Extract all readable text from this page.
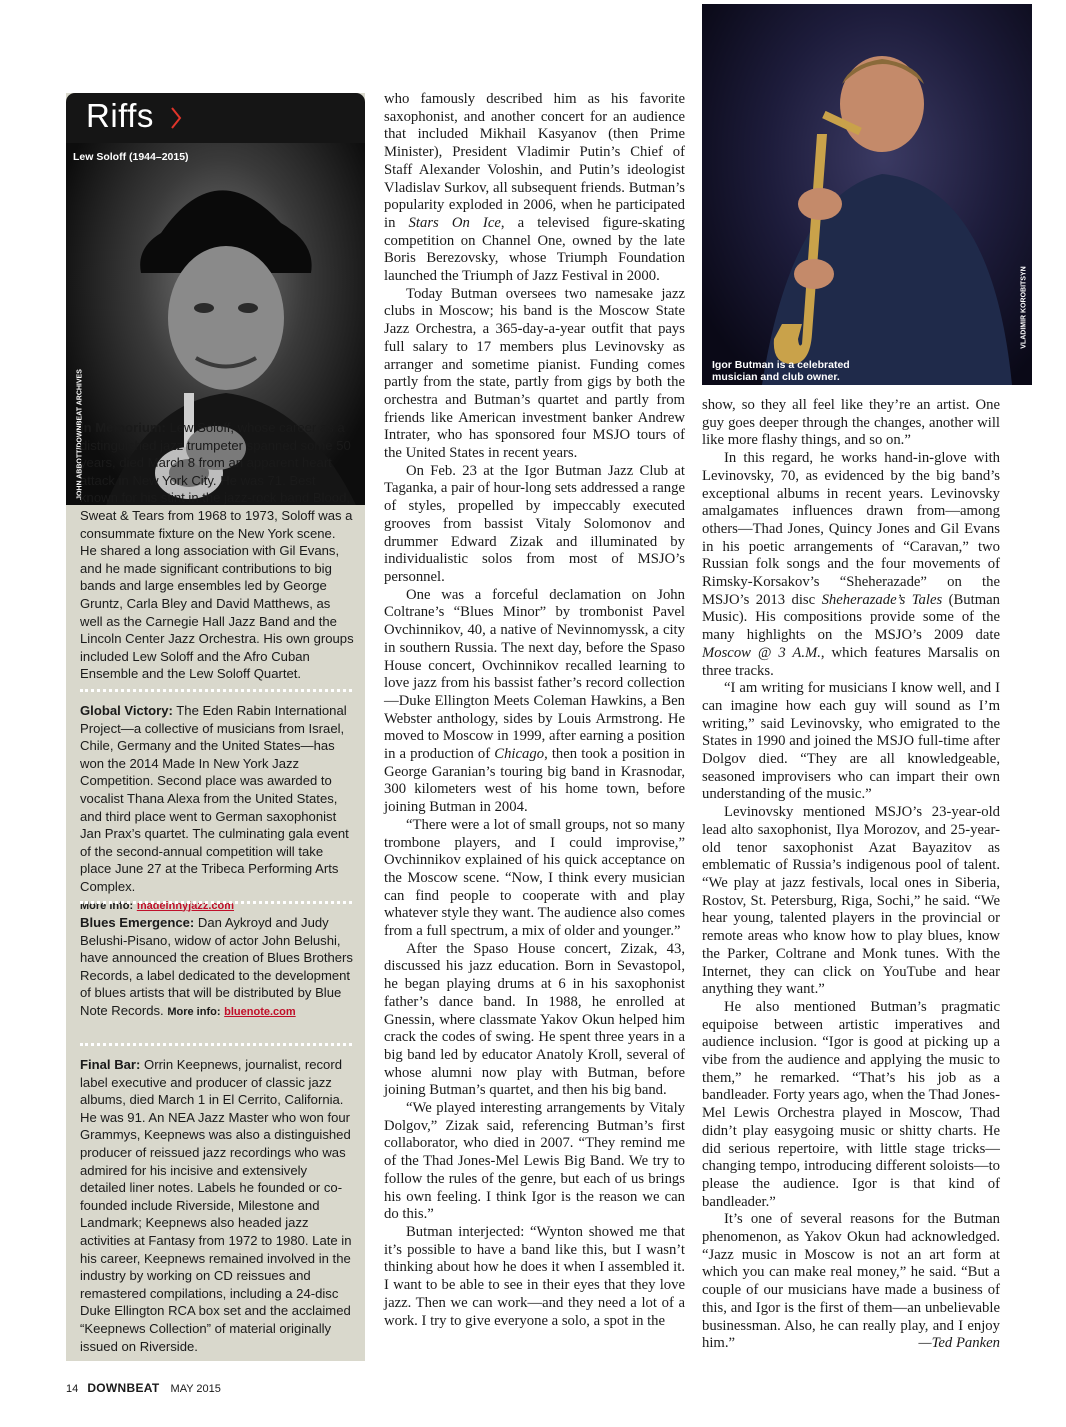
Riffs
Lew Soloff (1944–2015)
JOHN ABBOTT/DOWNBEAT ARCHIVES
In Memorium: Lew Soloff, whose career as a distinguished jazz trumpeter spanned some 50 years, died March 8 from an apparent heart attack in New York City. He was 71. Best known for his stint in the jazz-rock band Blood, Sweat & Tears from 1968 to 1973, Soloff was a consummate fixture on the New York scene. He shared a long association with Gil Evans, and he made significant contributions to big bands and large ensembles led by George Gruntz, Carla Bley and David Matthews, as well as the Carnegie Hall Jazz Band and the Lincoln Center Jazz Orchestra. His own groups included Lew Soloff and the Afro Cuban Ensemble and the Lew Soloff Quartet.
Global Victory: The Eden Rabin International Project—a collective of musicians from Israel, Chile, Germany and the United States—has won the 2014 Made In New York Jazz Competition. Second place was awarded to vocalist Thana Alexa from the United States, and third place went to German saxophonist Jan Prax’s quartet. The culminating gala event of the second-annual competition will take place June 27 at the Tribeca Performing Arts Complex.
More info: madeinnyjazz.com
Blues Emergence: Dan Aykroyd and Judy Belushi-Pisano, widow of actor John Belushi, have announced the creation of Blues Brothers Records, a label dedicated to the development of blues artists that will be distributed by Blue Note Records. More info: bluenote.com
Final Bar: Orrin Keepnews, journalist, record label executive and producer of classic jazz albums, died March 1 in El Cerrito, California. He was 91. An NEA Jazz Master who won four Grammys, Keepnews was also a distinguished producer of reissued jazz recordings who was admired for his incisive and extensively detailed liner notes. Labels he founded or co-founded include Riverside, Milestone and Landmark; Keepnews also headed jazz activities at Fantasy from 1972 to 1980. Late in his career, Keepnews remained involved in the industry by working on CD reissues and remastered compilations, including a 24-disc Duke Ellington RCA box set and the acclaimed “Keepnews Collection” of material originally issued on Riverside.

who famously described him as his favorite saxophonist, and another concert for an audience that included Mikhail Kasyanov (then Prime Minister), President Vladimir Putin’s Chief of Staff Alexander Voloshin, and Putin’s ideologist Vladislav Surkov, all subsequent friends. Butman’s popularity exploded in 2006, when he participated in Stars On Ice, a televised figure-skating competition on Channel One, owned by the late Boris Berezovsky, whose Triumph Foundation launched the Triumph of Jazz Festival in 2000.

Today Butman oversees two namesake jazz clubs in Moscow; his band is the Moscow State Jazz Orchestra, a 365-day-a-year outfit that pays full salary to 17 members plus Levinovsky as arranger and sometime pianist. Funding comes partly from the state, partly from gigs by both the orchestra and Butman’s quartet and partly from friends like American investment banker Andrew Intrater, who has sponsored four MSJO tours of the United States in recent years.

On Feb. 23 at the Igor Butman Jazz Club at Taganka, a pair of hour-long sets addressed a range of styles, propelled by impeccably executed grooves from bassist Vitaly Solomonov and drummer Edward Zizak and illuminated by individualistic solos from most of MSJO’s personnel.

One was a forceful declamation on John Coltrane’s “Blues Minor” by trombonist Pavel Ovchinnikov, 40, a native of Nevinnomyssk, a city in southern Russia. The next day, before the Spaso House concert, Ovchinnikov recalled learning to love jazz from his bassist father’s record collection—Duke Ellington Meets Coleman Hawkins, a Ben Webster anthology, sides by Louis Armstrong. He moved to Moscow in 1999, after earning a position in a production of Chicago, then took a position in George Garanian’s touring big band in Krasnodar, 300 kilometers west of his home town, before joining Butman in 2004.

“There were a lot of small groups, not so many trombone players, and I could improvise,” Ovchinnikov explained of his quick acceptance on the Moscow scene. “Now, I think every musician can find people to cooperate with and play whatever style they want. The audience also comes from a full spectrum, a mix of older and younger.”

After the Spaso House concert, Zizak, 43, discussed his jazz education. Born in Sevastopol, he began playing drums at 6 in his saxophonist father’s dance band. In 1988, he enrolled at Gnessin, where classmate Yakov Okun helped him crack the codes of swing. He spent three years in a big band led by educator Anatoly Kroll, several of whose alumni now play with Butman, before joining Butman’s quartet, and then his big band.

“We played interesting arrangements by Vitaly Dolgov,” Zizak said, referencing Butman’s first collaborator, who died in 2007. “They remind me of the Thad Jones-Mel Lewis Big Band. We try to follow the rules of the genre, but each of us brings his own feeling. I think Igor is the reason we can do this.”

Butman interjected: “Wynton showed me that it’s possible to have a band like this, but I wasn’t thinking about how he does it when I assembled it. I want to be able to see in their eyes that they love jazz. Then we can work—and they need a lot of a work. I try to give everyone a solo, a spot in the

Igor Butman is a celebrated musician and club owner.
VLADIMIR KOROBITSYN

show, so they all feel like they’re an artist. One guy goes deeper through the changes, another will like more flashy things, and so on.”

In this regard, he works hand-in-glove with Levinovsky, 70, as evidenced by the big band’s exceptional albums in recent years. Levinovsky amalgamates influences drawn from—among others—Thad Jones, Quincy Jones and Gil Evans in his poetic arrangements of “Caravan,” two Russian folk songs and the four movements of Rimsky-Korsakov’s “Sheherazade” on the MSJO’s 2013 disc Sheherazade’s Tales (Butman Music). His compositions provide some of the many highlights on the MSJO’s 2009 date Moscow @ 3 A.M., which features Marsalis on three tracks.

“I am writing for musicians I know well, and I can imagine how each guy will sound as I’m writing,” said Levinovsky, who emigrated to the States in 1990 and joined the MSJO full-time after Dolgov died. “They are all knowledgeable, seasoned improvisers who can impart their own understanding of the music.”

Levinovsky mentioned MSJO’s 23-year-old lead alto saxophonist, Ilya Morozov, and 25-year-old tenor saxophonist Azat Bayazitov as emblematic of Russia’s indigenous pool of talent. “We play at jazz festivals, local ones in Siberia, Rostov, St. Petersburg, Riga, Sochi,” he said. “We hear young, talented players in the provincial or remote areas who know how to play blues, know the Parker, Coltrane and Monk tunes. With the Internet, they can click on YouTube and hear anything they want.”

He also mentioned Butman’s pragmatic equipoise between artistic imperatives and audience inclusion. “Igor is good at picking up a vibe from the audience and applying the music to them,” he remarked. “That’s his job as a bandleader. Forty years ago, when the Thad Jones-Mel Lewis Orchestra played in Moscow, Thad didn’t play easygoing music or shitty charts. He did serious repertoire, with little stage tricks—changing tempo, introducing different soloists—to please the audience. Igor is that kind of bandleader.”

It’s one of several reasons for the Butman phenomenon, as Yakov Okun had acknowledged. “Jazz music in Moscow is not an art form at which you can make real money,” he said. “But a couple of our musicians have made a business of this, and Igor is the first of them—an unbelievable businessman. Also, he can really play, and I enjoy him.”	—Ted Panken

14 DOWNBEAT MAY 2015
